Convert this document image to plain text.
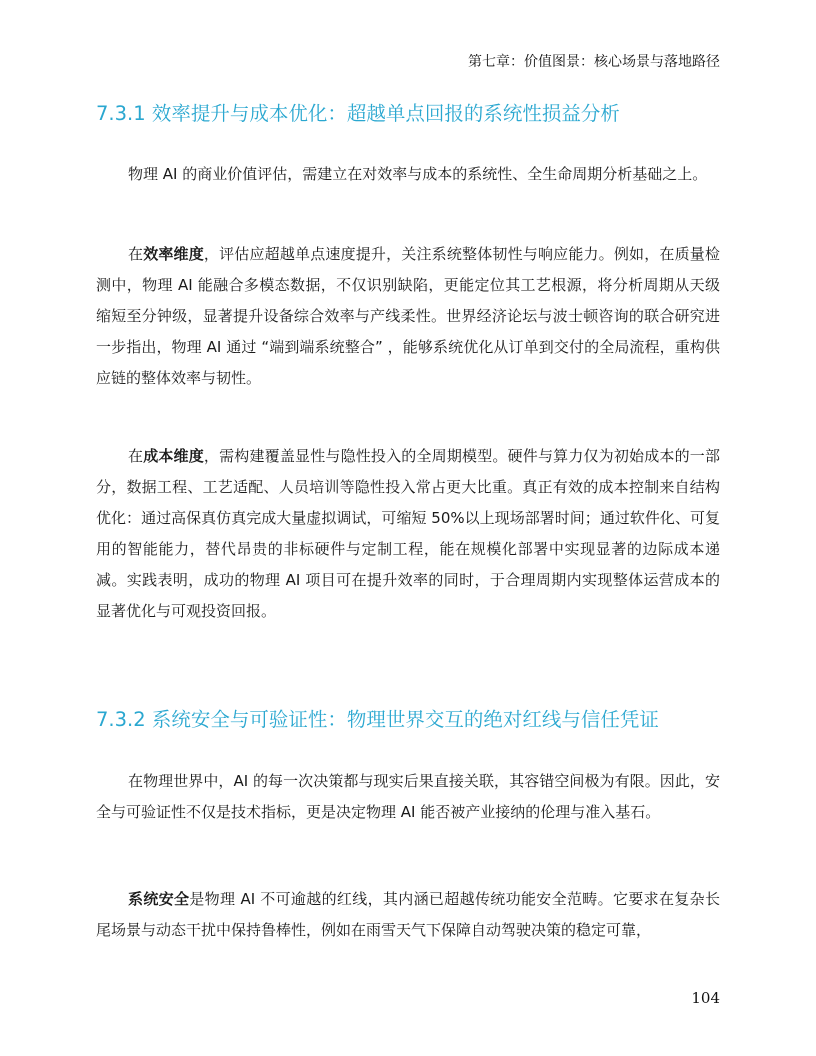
第七章：价值图景：核心场景与落地路径
7.3.1 效率提升与成本优化：超越单点回报的系统性损益分析

物理 AI 的商业价值评估，需建立在对效率与成本的系统性、全生命周期分析基础之上。

在效率维度，评估应超越单点速度提升，关注系统整体韧性与响应能力。例如，在质量检测中，物理 AI 能融合多模态数据，不仅识别缺陷，更能定位其工艺根源，将分析周期从天级缩短至分钟级，显著提升设备综合效率与产线柔性。世界经济论坛与波士顿咨询的联合研究进一步指出，物理 AI 通过 “端到端系统整合” ，能够系统优化从订单到交付的全局流程，重构供应链的整体效率与韧性。

在成本维度，需构建覆盖显性与隐性投入的全周期模型。硬件与算力仅为初始成本的一部分，数据工程、工艺适配、人员培训等隐性投入常占更大比重。真正有效的成本控制来自结构优化：通过高保真仿真完成大量虚拟调试，可缩短 50%以上现场部署时间；通过软件化、可复用的智能能力，替代昂贵的非标硬件与定制工程，能在规模化部署中实现显著的边际成本递减。实践表明，成功的物理 AI 项目可在提升效率的同时，于合理周期内实现整体运营成本的显著优化与可观投资回报。

7.3.2 系统安全与可验证性：物理世界交互的绝对红线与信任凭证

在物理世界中，AI 的每一次决策都与现实后果直接关联，其容错空间极为有限。因此，安全与可验证性不仅是技术指标，更是决定物理 AI 能否被产业接纳的伦理与准入基石。

系统安全是物理 AI 不可逾越的红线，其内涵已超越传统功能安全范畴。它要求在复杂长尾场景与动态干扰中保持鲁棒性，例如在雨雪天气下保障自动驾驶决策的稳定可靠，

104
